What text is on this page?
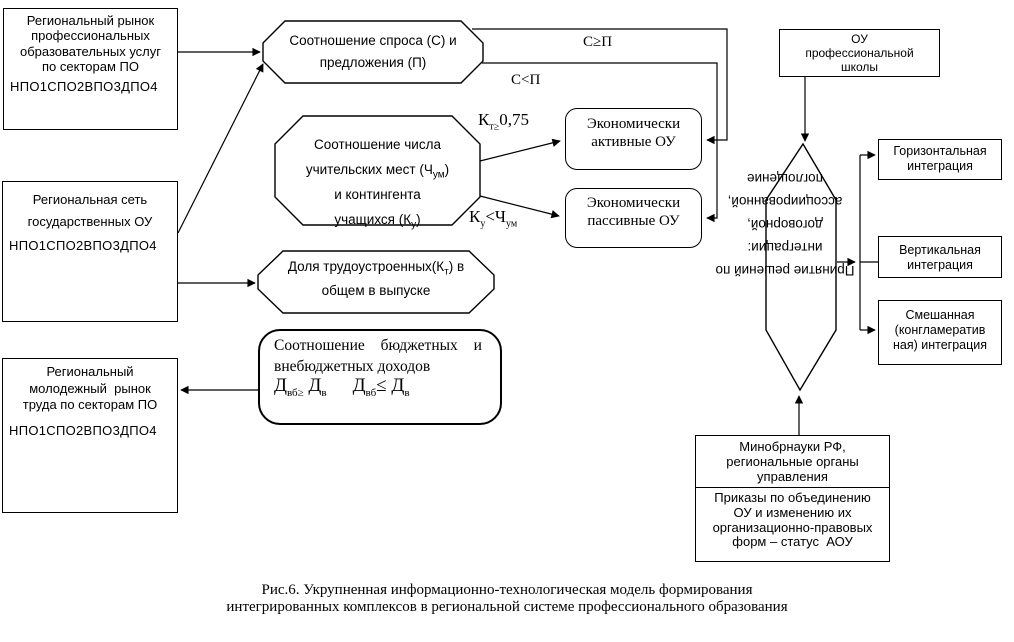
Региональный рынок
профессиональных
образовательных услуг
по секторам ПО
НПО1СПО2ВПО3ДПО4
Региональная сеть
государственных ОУ
НПО1СПО2ВПО3ДПО4
Региональный
молодежный  рынок
труда по секторам ПО
НПО1СПО2ВПО3ДПО4
Соотношение спроса (С) и
предложения (П)
Соотношение числа
учительских мест $(Ч_{ум})$
и контингента
учащихся $(К_у)$
Доля $трудоустроенных(К_т)$ в
общем в выпуске
Соотношение бюджетных и
внебюджетных доходов
$Д_{вб\ge}$ $Д_в$ $Д_{вб}\le Д_в$
Экономически
активные ОУ
Экономически
пассивные ОУ
С≥П
С<П
$К_{т\ge}0,75$
$К_у<Ч_{ум}$
ОУ
профессиональной
школы
Принятие решений по
интеграции:
договорной,
ассоциированной,
поглощение
Горизонтальная
интеграция
Вертикальная
интеграция
Смешанная
(конгламератив
ная) интеграция
Минобрнауки РФ,
региональные органы
управления
Приказы по объединению
ОУ и изменению их
организационно-правовых
форм – статус  АОУ
Рис.6. Укрупненная информационно-технологическая модель формирования
интегрированных комплексов в региональной системе профессионального образования
